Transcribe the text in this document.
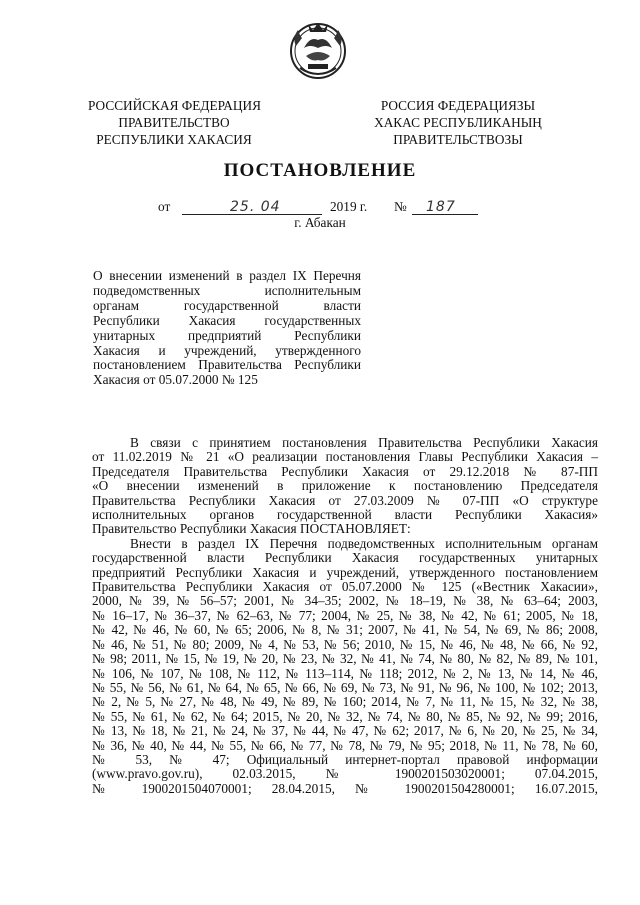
РОССИЙСКАЯ ФЕДЕРАЦИЯ
ПРАВИТЕЛЬСТВО
РЕСПУБЛИКИ ХАКАСИЯ
РОССИЯ ФЕДЕРАЦИЯЗЫ
ХАКАС РЕСПУБЛИКАНЫҢ
ПРАВИТЕЛЬСТВОЗЫ
ПОСТАНОВЛЕНИЕ
от	25. 04	2019 г. № 187
г. Абакан
О внесении изменений в раздел IX Перечня
подведомственных исполнительным
органам государственной власти
Республики Хакасия государственных
унитарных предприятий Республики
Хакасия и учреждений, утвержденного
постановлением Правительства Республики
Хакасия от 05.07.2000 № 125
В связи с принятием постановления Правительства Республики Хакасия
от 11.02.2019 № 21 «О реализации постановления Главы Республики Хакасия –
Председателя Правительства Республики Хакасия от 29.12.2018 № 87-ПП
«О внесении изменений в приложение к постановлению Председателя
Правительства Республики Хакасия от 27.03.2009 № 07-ПП «О структуре
исполнительных органов государственной власти Республики Хакасия»
Правительство Республики Хакасия ПОСТАНОВЛЯЕТ:
Внести в раздел IX Перечня подведомственных исполнительным органам
государственной власти Республики Хакасия государственных унитарных
предприятий Республики Хакасия и учреждений, утвержденного постановлением
Правительства Республики Хакасия от 05.07.2000 № 125 («Вестник Хакасии»,
2000, № 39, № 56–57; 2001, № 34–35; 2002, № 18–19, № 38, № 63–64; 2003,
№ 16–17, № 36–37, № 62–63, № 77; 2004, № 25, № 38, № 42, № 61; 2005, № 18,
№ 42, № 46, № 60, № 65; 2006, № 8, № 31; 2007, № 41, № 54, № 69, № 86; 2008,
№ 46, № 51, № 80; 2009, № 4, № 53, № 56; 2010, № 15, № 46, № 48, № 66, № 92,
№ 98; 2011, № 15, № 19, № 20, № 23, № 32, № 41, № 74, № 80, № 82, № 89, № 101,
№ 106, № 107, № 108, № 112, № 113–114, № 118; 2012, № 2, № 13, № 14, № 46,
№ 55, № 56, № 61, № 64, № 65, № 66, № 69, № 73, № 91, № 96, № 100, № 102; 2013,
№ 2, № 5, № 27, № 48, № 49, № 89, № 160; 2014, № 7, № 11, № 15, № 32, № 38,
№ 55, № 61, № 62, № 64; 2015, № 20, № 32, № 74, № 80, № 85, № 92, № 99; 2016,
№ 13, № 18, № 21, № 24, № 37, № 44, № 47, № 62; 2017, № 6, № 20, № 25, № 34,
№ 36, № 40, № 44, № 55, № 66, № 77, № 78, № 79, № 95; 2018, № 11, № 78, № 60,
№ 53, № 47; Официальный интернет-портал правовой информации
(www.pravo.gov.ru), 02.03.2015, № 1900201503020001; 07.04.2015,
№ 1900201504070001; 28.04.2015, № 1900201504280001; 16.07.2015,
